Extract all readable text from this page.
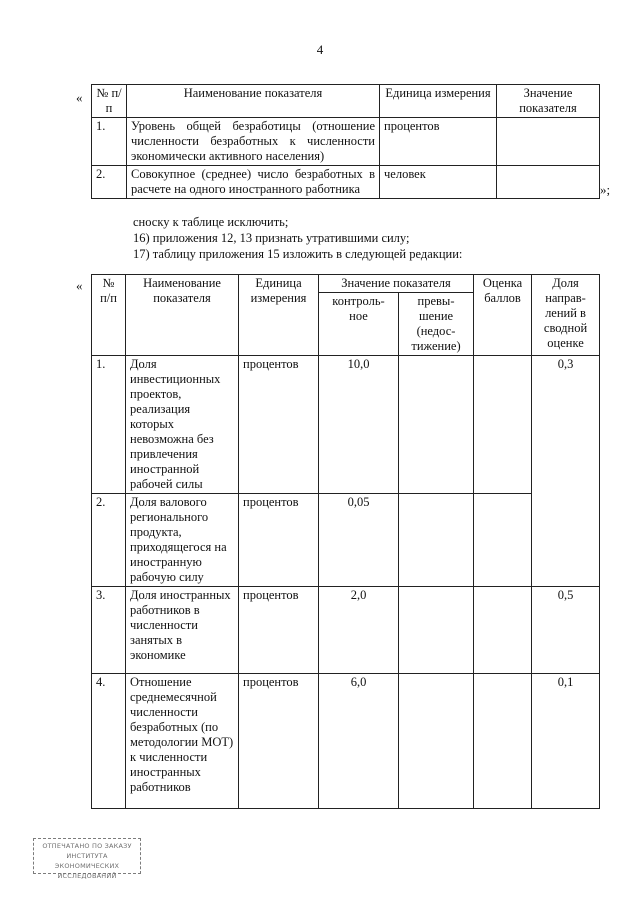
4
« № п/п	Наименование показателя	Единица измерения	Значение показателя
1.	Уровень общей безработицы (отношение численности безработных к численности экономически активного населения)	процентов	
2.	Совокупное (среднее) число безработных в расчете на одного иностранного работника	человек	
»;
сноску к таблице исключить;
16) приложения 12, 13 признать утратившими силу;
17) таблицу приложения 15 изложить в следующей редакции:
« № п/п	Наименование показателя	Единица измерения	Значение показателя		Оценка баллов	Доля направ-лений в сводной оценке
			контроль-ное	превы-шение (недос-тижение)		
1.	Доля инвестиционных проектов, реализация которых невозможна без привлечения иностранной рабочей силы	процентов	10,0			0,3
2.	Доля валового регионального продукта, приходящегося на иностранную рабочую силу	процентов	0,05			
3.	Доля иностранных работников в численности занятых в экономике	процентов	2,0			0,5
4.	Отношение среднемесячной численности безработных (по методологии МОТ) к численности иностранных работников	процентов	6,0			0,1
ОТПЕЧАТАНО ПО ЗАКАЗУ
ИНСТИТУТА ЭКОНОМИЧЕСКИХ
ИССЛЕДОВАНИЙ
